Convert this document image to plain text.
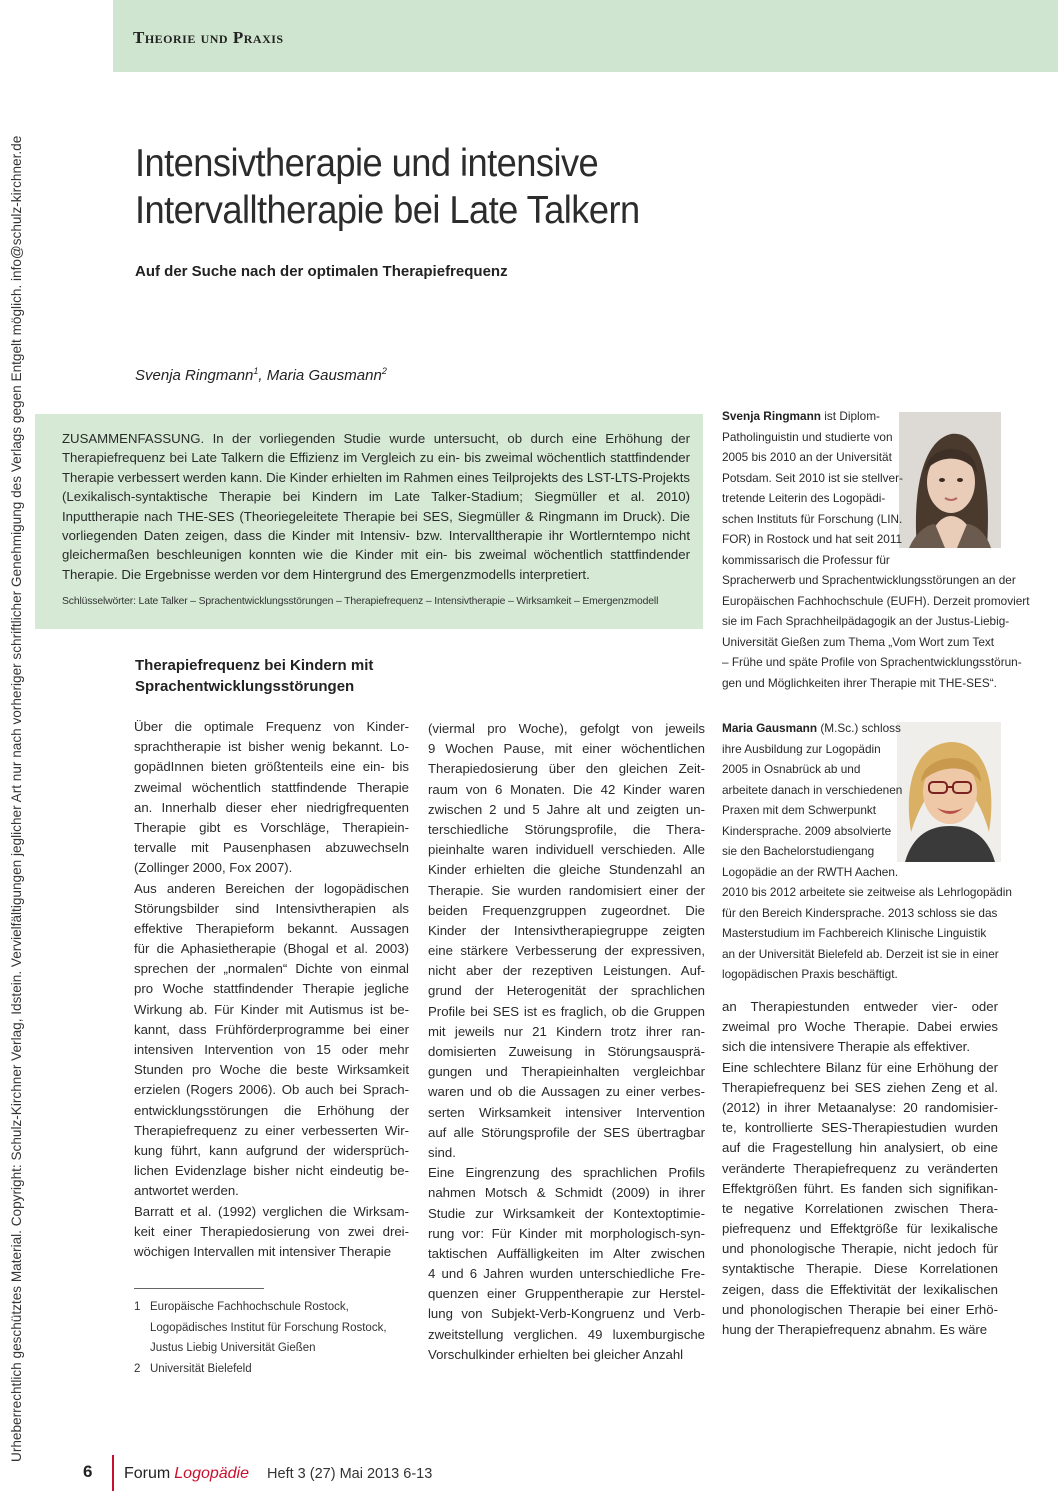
Theorie und Praxis
Urheberrechtlich geschütztes Material. Copyright: Schulz-Kirchner Verlag, Idstein. Vervielfältigungen jeglicher Art nur nach vorheriger schriftlicher Genehmigung des Verlags gegen Entgelt möglich. info@schulz-kirchner.de	Intensivtherapie und intensive
Intervalltherapie bei Late Talkern
Auf der Suche nach der optimalen Therapiefrequenz
Svenja Ringmann$^1$, Maria Gausmann$^2$
ZUSAMMENFASSUNG. In der vorliegenden Studie wurde untersucht, ob durch eine Erhöhung der Therapiefrequenz bei Late Talkern die Effizienz im Vergleich zu ein- bis zweimal wöchentlich stattfindender Therapie verbessert werden kann. Die Kinder erhielten im Rahmen eines Teilprojekts des LST-LTS-Projekts (Lexikalisch-syntaktische Therapie bei Kindern im Late Talker-Stadium; Siegmüller et al. 2010) Inputtherapie nach THE-SES (Theoriegeleitete Therapie bei SES, Siegmüller & Ringmann im Druck). Die vorliegenden Daten zeigen, dass die Kinder mit Intensiv- bzw. Intervalltherapie ihr Wortlerntempo nicht gleichermaßen beschleunigen konnten wie die Kinder mit ein- bis zweimal wöchentlich stattfindender Therapie. Die Ergebnisse werden vor dem Hintergrund des Emergenzmodells interpretiert.
Schlüsselwörter: Late Talker – Sprachentwicklungsstörungen – Therapiefrequenz – Intensivtherapie – Wirksamkeit – Emergenzmodell
Therapiefrequenz bei Kindern mit
Sprachentwicklungsstörungen
Über die optimale Frequenz von Kinder-
sprachtherapie ist bisher wenig bekannt. Lo-
gopädInnen bieten größtenteils eine ein- bis
zweimal wöchentlich stattfindende Therapie
an. Innerhalb dieser eher niedrigfrequenten
Therapie gibt es Vorschläge, Therapiein-
tervalle mit Pausenphasen abzuwechseln
(Zollinger 2000, Fox 2007).
Aus anderen Bereichen der logopädischen
Störungsbilder sind Intensivtherapien als
effektive Therapieform bekannt. Aussagen
für die Aphasietherapie (Bhogal et al. 2003)
sprechen der „normalen“ Dichte von einmal
pro Woche stattfindender Therapie jegliche
Wirkung ab. Für Kinder mit Autismus ist be-
kannt, dass Frühförderprogramme bei einer
intensiven Intervention von 15 oder mehr
Stunden pro Woche die beste Wirksamkeit
erzielen (Rogers 2006). Ob auch bei Sprach-
entwicklungsstörungen die Erhöhung der
Therapiefrequenz zu einer verbesserten Wir-
kung führt, kann aufgrund der widersprüch-
lichen Evidenzlage bisher nicht eindeutig be-
antwortet werden.
Barratt et al. (1992) verglichen die Wirksam-
keit einer Therapiedosierung von zwei drei-
wöchigen Intervallen mit intensiver Therapie
(viermal pro Woche), gefolgt von jeweils
9 Wochen Pause, mit einer wöchentlichen
Therapiedosierung über den gleichen Zeit-
raum von 6 Monaten. Die 42 Kinder waren
zwischen 2 und 5 Jahre alt und zeigten un-
terschiedliche Störungsprofile, die Thera-
pieinhalte waren individuell verschieden. Alle
Kinder erhielten die gleiche Stundenzahl an
Therapie. Sie wurden randomisiert einer der
beiden Frequenzgruppen zugeordnet. Die
Kinder der Intensivtherapiegruppe zeigten
eine stärkere Verbesserung der expressiven,
nicht aber der rezeptiven Leistungen. Auf-
grund der Heterogenität der sprachlichen
Profile bei SES ist es fraglich, ob die Gruppen
mit jeweils nur 21 Kindern trotz ihrer ran-
domisierten Zuweisung in Störungsausprä-
gungen und Therapieinhalten vergleichbar
waren und ob die Aussagen zu einer verbes-
serten Wirksamkeit intensiver Intervention
auf alle Störungsprofile der SES übertragbar
sind.
Eine Eingrenzung des sprachlichen Profils
nahmen Motsch & Schmidt (2009) in ihrer
Studie zur Wirksamkeit der Kontextoptimie-
rung vor: Für Kinder mit morphologisch-syn-
taktischen Auffälligkeiten im Alter zwischen
4 und 6 Jahren wurden unterschiedliche Fre-
quenzen einer Gruppentherapie zur Herstel-
lung von Subjekt-Verb-Kongruenz und Verb-
zweitstellung verglichen. 49 luxemburgische
Vorschulkinder erhielten bei gleicher Anzahl
an Therapiestunden entweder vier- oder
zweimal pro Woche Therapie. Dabei erwies
sich die intensivere Therapie als effektiver.
Eine schlechtere Bilanz für eine Erhöhung der
Therapiefrequenz bei SES ziehen Zeng et al.
(2012) in ihrer Metaanalyse: 20 randomisier-
te, kontrollierte SES-Therapiestudien wurden
auf die Fragestellung hin analysiert, ob eine
veränderte Therapiefrequenz zu veränderten
Effektgrößen führt. Es fanden sich signifikan-
te negative Korrelationen zwischen Thera-
piefrequenz und Effektgröße für lexikalische
und phonologische Therapie, nicht jedoch für
syntaktische Therapie. Diese Korrelationen
zeigen, dass die Effektivität der lexikalischen
und phonologischen Therapie bei einer Erhö-
hung der Therapiefrequenz abnahm. Es wäre
1 Europäische Fachhochschule Rostock,
Logopädisches Institut für Forschung Rostock,
Justus Liebig Universität Gießen
2 Universität Bielefeld
Svenja Ringmann ist Diplom-
Patholinguistin und studierte von
2005 bis 2010 an der Universität
Potsdam. Seit 2010 ist sie stellver-
tretende Leiterin des Logopädi-
schen Instituts für Forschung (LIN.
FOR) in Rostock und hat seit 2011
kommissarisch die Professur für
Spracherwerb und Sprachentwicklungsstörungen an der
Europäischen Fachhochschule (EUFH). Derzeit promoviert
sie im Fach Sprachheilpädagogik an der Justus-Liebig-
Universität Gießen zum Thema „Vom Wort zum Text
– Frühe und späte Profile von Sprachentwicklungsstörun-
gen und Möglichkeiten ihrer Therapie mit THE-SES“.
Maria Gausmann (M.Sc.) schloss
ihre Ausbildung zur Logopädin
2005 in Osnabrück ab und
arbeitete danach in verschiedenen
Praxen mit dem Schwerpunkt
Kindersprache. 2009 absolvierte
sie den Bachelorstudiengang
Logopädie an der RWTH Aachen.
2010 bis 2012 arbeitete sie zeitweise als Lehrlogopädin
für den Bereich Kindersprache. 2013 schloss sie das
Masterstudium im Fachbereich Klinische Linguistik
an der Universität Bielefeld ab. Derzeit ist sie in einer
logopädischen Praxis beschäftigt.
6 Forum Logopädie Heft 3 (27) Mai 2013 6-13
